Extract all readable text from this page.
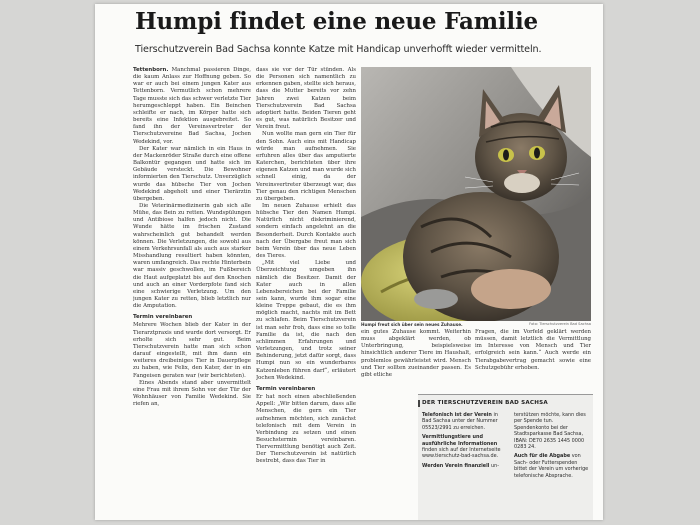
Humpi findet eine neue Familie

Tierschutzverein Bad Sachsa konnte Katze mit Handicap unverhofft wieder vermitteln.

Tettenborn. Manchmal passieren Dinge, die kaum Anlass zur Hoffnung geben. So war er auch bei einem jungen Kater aus Tettenborn. Vermutlich schon mehrere Tage musste sich das schwer verletzte Tier herumgeschleppt haben. Ein Beinchen schleifte er nach, im Körper hatte sich bereits eine Infektion ausgebreitet. So fand ihn der Vereinsvertreter der Tierschutzvereine Bad Sachsa, Jochen Wedekind, vor.

Der Kater war nämlich in ein Haus in der Mackenröder Straße durch eine offene Balkontür gegangen und hatte sich im Gebäude versteckt. Die Bewohner informierten den Tierschutz. Unverzüglich wurde das hübsche Tier von Jochen Wedekind abgeholt und einer Tierärztin übergeben.

Die Veterinärmedizinerin gab sich alle Mühe, das Bein zu retten. Wundspülungen und Antibiose halfen jedoch nicht. Die Wunde hätte im frischen Zustand wahrscheinlich gut behandelt werden können. Die Verletzungen, die sowohl aus einem Verkehrsunfall als auch aus starker Misshandlung resultiert haben könnten, waren umfangreich. Das rechte Hinterbein war massiv geschwollen, im Fußbereich die Haut aufgeplatzt bis auf den Knochen und auch an einer Vorderpfote fand sich eine schwierige Verletzung. Um den jungen Kater zu retten, blieb letztlich nur die Amputation.

Termin vereinbaren

Mehrere Wochen blieb der Kater in der Tierarztpraxis und wurde dort versorgt. Er erholte sich sehr gut. Beim Tierschutzverein hatte man sich schon darauf eingestellt, mit ihm dann ein weiteres dreibeiniges Tier in Dauerpflege zu haben, wie Felix, den Kater, der in ein Fangeisen geraten war (wir berichteten).

Eines Abends stand aber unvermittelt eine Frau mit ihrem Sohn vor der Tür der Wohnhäuser von Familie Wedekind. Sie riefen an,

dass sie vor der Tür stünden. Als die Personen sich namentlich zu erkennen gaben, stellte sich heraus, dass die Mutter bereits vor zehn Jahren zwei Katzen beim Tierschutzverein Bad Sachsa adoptiert hatte. Beiden Tieren geht es gut, was natürlich Besitzer und Verein freut.

Nun wollte man gern ein Tier für den Sohn. Auch eins mit Handicap würde man aufnehmen. Sie erfuhren alles über das amputierte Katerchen, berichteten über ihre eigenen Katzen und man wurde sich schnell einig, da der Vereinsvertreter überzeugt war, das Tier genau den richtigen Menschen zu übergeben.

Im neuen Zuhause erhielt das hübsche Tier den Namen Humpi. Natürlich nicht diskriminierend, sondern einfach angelehnt an die Besonderheit. Durch Kontakte auch nach der Übergabe freut man sich beim Verein über das neue Leben des Tieres.

„Mit viel Liebe und Überzeichtung umgeben ihn nämlich die Besitzer. Damit der Kater auch in allen Lebensbereichen bei der Familie sein kann, wurde ihm sogar eine kleine Treppe gebaut, die es ihm möglich macht, nachts mit im Bett zu schlafen. Beim Tierschutzverein ist man sehr froh, dass eine so tolle Familie da ist, die nach den schlimmen Erfahrungen und Verletzungen, und trotz seiner Behinderung, jetzt dafür sorgt, dass Humpi nun so ein wunderbares Katzenleben führen darf“, erläutert Jochen Wedekind.

Termin vereinbaren

Er hat noch einen abschließenden Appell: „Wir bitten darum, dass alle Menschen, die gern ein Tier aufnehmen möchten, sich zunächst telefonisch mit dem Verein in Verbindung zu setzen und einen Besuchstermin vereinbaren. Tiervermittlung benötigt auch Zeit. Der Tierschutzverein ist natürlich bestrebt, dass das Tier in

Humpi freut sich über sein neues Zuhause.	Foto: Tierschutzverein Bad Sachsa

ein gutes Zuhause kommt. Weiterhin muss abgeklärt werden, ob Unterbringung, beispielsweise hinsichtlich anderer Tiere im Haushalt, problemlos gewährleistet wird. Mensch und Tier sollten zueinander passen. Es gibt etliche

Fragen, die im Vorfeld geklärt werden müssen, damit letztlich die Vermittlung im Interesse von Mensch und Tier erfolgreich sein kann.“ Auch werde ein Tierabgabevertrag gemacht sowie eine Schutzgebühr erhoben.

DER TIERSCHUTZVEREIN BAD SACHSA

Telefonisch ist der Verein in Bad Sachsa unter der Nummer 05523/2991 zu erreichen.

Vermittlungstiere und ausführliche Informationen finden sich auf der Internetseite www.tierschutz-bad-sachsa.de.

Werden Verein finanziell un-

terstützen möchte, kann dies per Spende tun. Spendenkonto bei der Stadtsparkasse Bad Sachsa, IBAN: DE70 2635 1445 0000 0283 24.

Auch für die Abgabe von Sach- oder Futterspenden bittet der Verein um vorherige telefonische Absprache.
